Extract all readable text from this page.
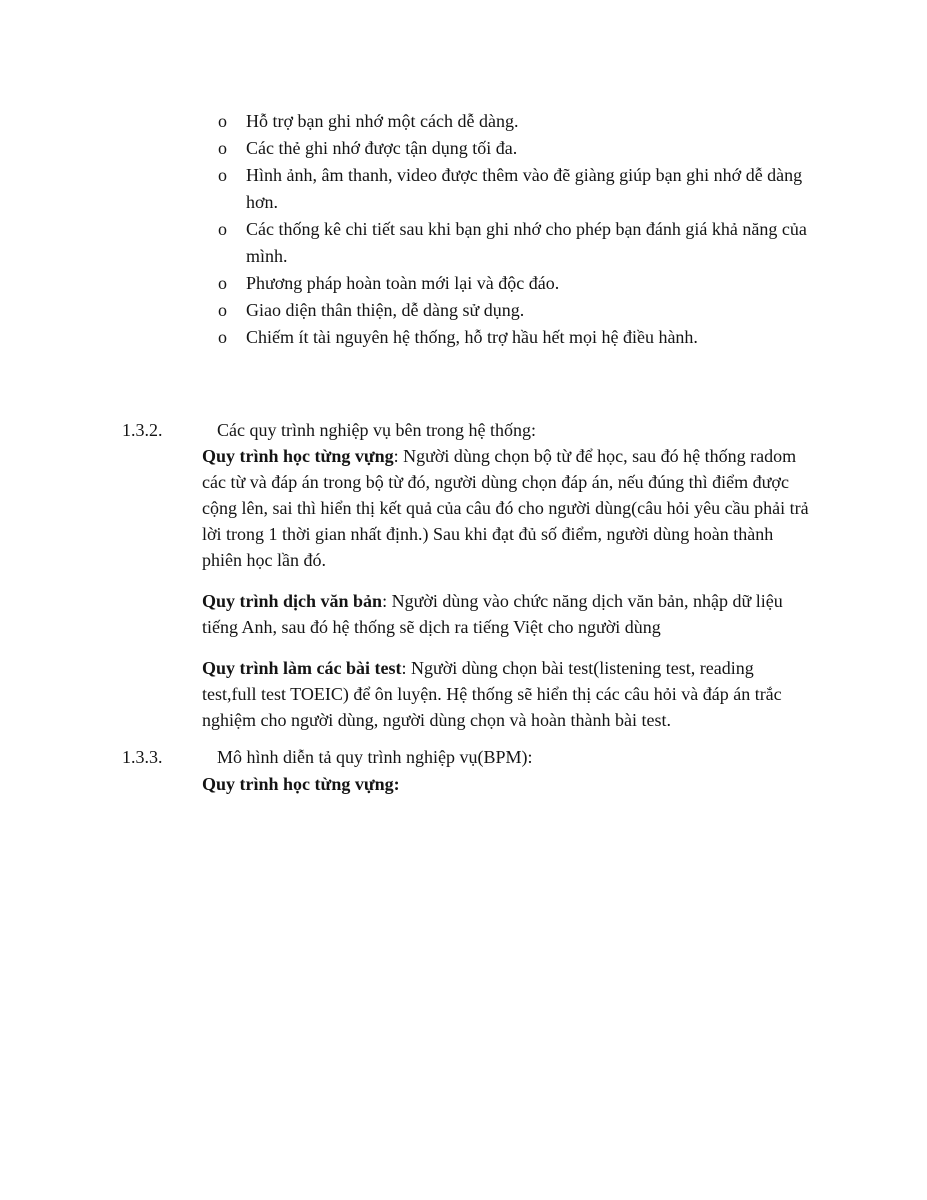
o Hỗ trợ bạn ghi nhớ một cách dễ dàng.
o Các thẻ ghi nhớ được tận dụng tối đa.
o Hình ảnh, âm thanh, video được thêm vào đẽ giàng giúp bạn ghi nhớ dễ dàng hơn.
o Các thống kê chi tiết sau khi bạn ghi nhớ cho phép bạn đánh giá khả năng của mình.
o Phương pháp hoàn toàn mới lại và độc đáo.
o Giao diện thân thiện, dễ dàng sử dụng.
o Chiếm ít tài nguyên hệ thống, hỗ trợ hầu hết mọi hệ điều hành.
1.3.2.	Các quy trình nghiệp vụ bên trong hệ thống:

Quy trình học từng vựng: Người dùng chọn bộ từ để học, sau đó hệ thống radom các từ và đáp án trong bộ từ đó, người dùng chọn đáp án, nếu đúng thì điểm được cộng lên, sai thì hiển thị kết quả của câu đó cho người dùng(câu hỏi yêu cầu phải trả lời trong 1 thời gian nhất định.) Sau khi đạt đủ số điểm, người dùng hoàn thành phiên học lần đó.

Quy trình dịch văn bản: Người dùng vào chức năng dịch văn bản, nhập dữ liệu tiếng Anh, sau đó hệ thống sẽ dịch ra tiếng Việt cho người dùng

Quy trình làm các bài test: Người dùng chọn bài test(listening test, reading test,full test TOEIC) để ôn luyện. Hệ thống sẽ hiển thị các câu hỏi và đáp án trắc nghiệm cho người dùng, người dùng chọn và hoàn thành bài test.

1.3.3.	Mô hình diễn tả quy trình nghiệp vụ(BPM):

Quy trình học từng vựng:
